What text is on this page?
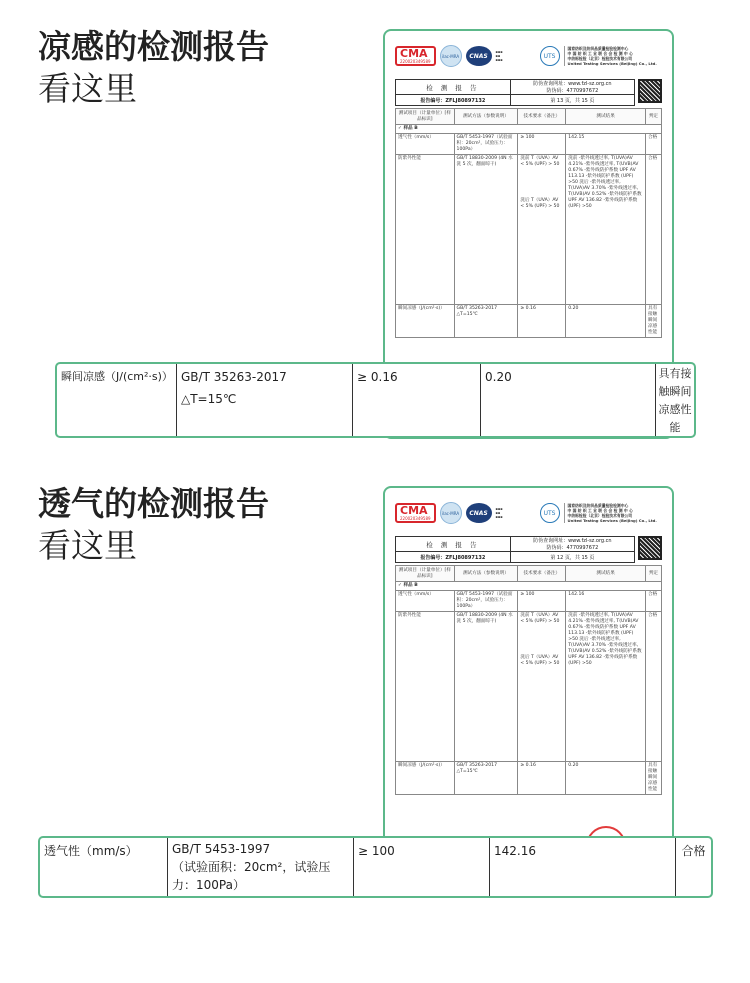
凉感的检测报告
看这里
CMA
220020349589
ilac-MRA	CNAS
▪▪▪
▪▪
▪▪▪
UTS
国家纺织及纺织品质量检验检测中心
中 国 纺 织 工 业 联 合 会 检 测 中 心
中纺标检验（北京）检验技术有限公司
United Testing Services (Beijing) Co., Ltd.
检 测 报 告	防伪查询网址：www.fzl-sz.org.cn
防伪码：4770997672
报告编号：ZFLJ80897132	第 13 页，共 15 页
测试项目（计量单位）[样品标识]	测试方法（参数说明）	技术要求（备注）	测试结果	判定
✓ 样品 B				
透气性（mm/s）	GB/T 5453-1997（试验面积：20cm²，试验压力：100Pa）	≥ 100	142.15	合格
防紫外性能	GB/T 18830-2009 (4N 水洗 5 次，翻面晾干)	洗前 T（UVA）AV < 5% (UPF) > 50

洗后 T（UVA）AV < 5% (UPF) > 50	洗前 -紫外线透过率, T(UVA)AV 4.21% -紫外线透过率, T(UVB)AV 0.67% -紫外线防护系数 UPF AV 113.13 -紫外线防护系数 (UPF) >50 洗后 -紫外线透过率, T(UVA)AV 3.70% -紫外线透过率, T(UVB)AV 0.52% -紫外线防护系数 UPF AV 136.82 -紫外线防护系数 (UPF) >50	合格
瞬间凉感（J/(cm²·s)）	GB/T 35263-2017 △T=15℃	≥ 0.16	0.20	具有接触瞬间凉感性能
瞬间凉感（J/(cm²·s)） GB/T 35263-2017
△T=15℃
≥ 0.16	0.20	具有接触瞬间凉感性能
透气的检测报告
看这里
CMA
220020349589
ilac-MRA	CNAS
▪▪▪
▪▪
▪▪▪
UTS
国家纺织及纺织品质量检验检测中心
中 国 纺 织 工 业 联 合 会 检 测 中 心
中纺标检验（北京）检验技术有限公司
United Testing Services (Beijing) Co., Ltd.
检 测 报 告	防伪查询网址：www.fzl-sz.org.cn
防伪码：4770997672
报告编号：ZFLJ80897132	第 12 页，共 15 页
测试项目（计量单位）[样品标识]	测试方法（参数说明）	技术要求（备注）	测试结果	判定
✓ 样品 B				
透气性（mm/s）	GB/T 5453-1997（试验面积：20cm²，试验压力：100Pa）	≥ 100	142.16	合格
防紫外性能	GB/T 18830-2009 (4N 水洗 5 次，翻面晾干)	洗前 T（UVA）AV < 5% (UPF) > 50

洗后 T（UVA）AV < 5% (UPF) > 50	洗前 -紫外线透过率, T(UVA)AV 4.21% -紫外线透过率, T(UVB)AV 0.67% -紫外线防护系数 UPF AV 113.13 -紫外线防护系数 (UPF) >50 洗后 -紫外线透过率, T(UVA)AV 3.70% -紫外线透过率, T(UVB)AV 0.52% -紫外线防护系数 UPF AV 136.82 -紫外线防护系数 (UPF) >50	合格
瞬间凉感（J/(cm²·s)）	GB/T 35263-2017 △T=15℃	≥ 0.16	0.20	具有接触瞬间凉感性能
透气性（mm/s）	GB/T 5453-1997
（试验面积：20cm²，试验压力：100Pa）
≥ 100	142.16	合格
